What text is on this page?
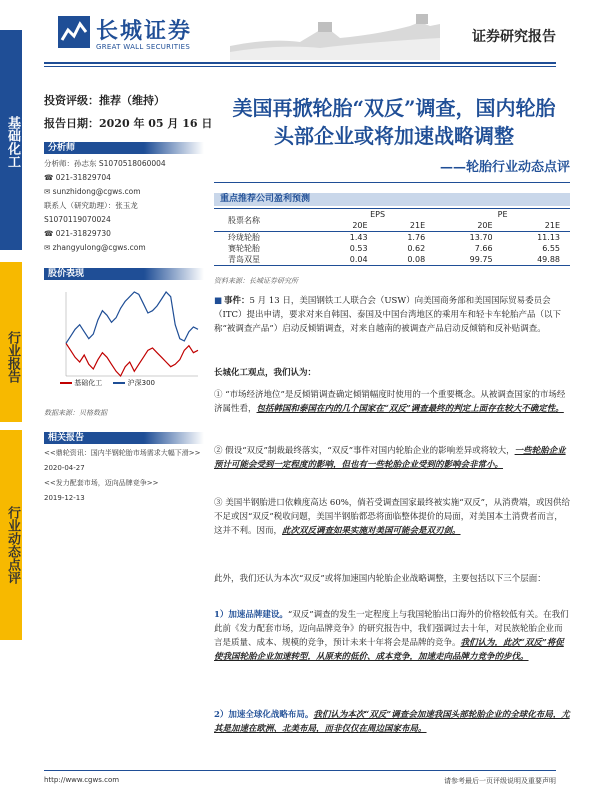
长城证券
GREAT WALL SECURITIES
证券研究报告
基础化工
行业报告
行业动态点评
投资评级：推荐（维持）
报告日期：2020 年 05 月 16 日
分析师
分析师：孙志东 S1070518060004
☎ 021-31829704
✉ sunzhidong@cgws.com
联系人（研究助理）：张玉龙
S1070119070024
☎ 021-31829730
✉ zhangyulong@cgws.com
股价表现
基础化工	沪深300
数据来源：贝格数据
相关报告
<<鼎轮资讯：国内半钢轮胎市场需求大幅下滑>>
2020-04-27
<<发力配套市场，迈向品牌竞争>>
2019-12-13
美国再掀轮胎“双反”调查，国内轮胎
头部企业或将加速战略调整
——轮胎行业动态点评
重点推荐公司盈利预测
股票名称	EPS		PE	
	20E	21E	20E	21E
玲珑轮胎	1.43	1.76	13.70	11.13
赛轮轮胎	0.53	0.62	7.66	6.55
青岛双星	0.04	0.08	99.75	49.88
资料来源：长城证券研究所
■ 事件：5 月 13 日，美国钢铁工人联合会（USW）向美国商务部和美国国际贸易委员会（ITC）提出申请，要求对来自韩国、泰国及中国台湾地区的乘用车和轻卡车轮胎产品（以下称“被调查产品”）启动反倾销调查，对来自越南的被调查产品启动反倾销和反补贴调查。
长城化工观点，我们认为：
① “市场经济地位”是反倾销调查确定倾销幅度时使用的一个重要概念。从被调查国家的市场经济属性看，包括韩国和泰国在内的几个国家在“双反”调查最终的判定上面存在较大不确定性。
② 假设“双反”制裁最终落实，“双反”事件对国内轮胎企业的影响差异或将较大，一些轮胎企业预计可能会受到一定程度的影响，但也有一些轮胎企业受到的影响会非常小。
③ 美国半钢胎进口依赖度高达 60%，倘若受调查国家最终被实施“双反”，从消费端，或因供给不足或因“双反”税收问题，美国半钢胎都恐将面临整体提价的局面，对美国本土消费者而言，这并不利。因而，此次双反调查如果实施对美国可能会是双刃剑。
此外，我们还认为本次“双反”或将加速国内轮胎企业战略调整，主要包括以下三个层面：
1）加速品牌建设。“双反”调查的发生一定程度上与我国轮胎出口海外的价格较低有关。在我们此前《发力配套市场，迈向品牌竞争》的研究报告中，我们强调过去十年，对民族轮胎企业而言是质量、成本、规模的竞争，预计未来十年将会是品牌的竞争。我们认为，此次“双反”将促使我国轮胎企业加速转型，从原来的低价、成本竞争，加速走向品牌力竞争的步伐。
2）加速全球化战略布局。我们认为本次“双反”调查会加速我国头部轮胎企业的全球化布局，尤其是加速在欧洲、北美布局，而非仅仅在周边国家布局。
http://www.cgws.com	请参考最后一页评级说明及重要声明
